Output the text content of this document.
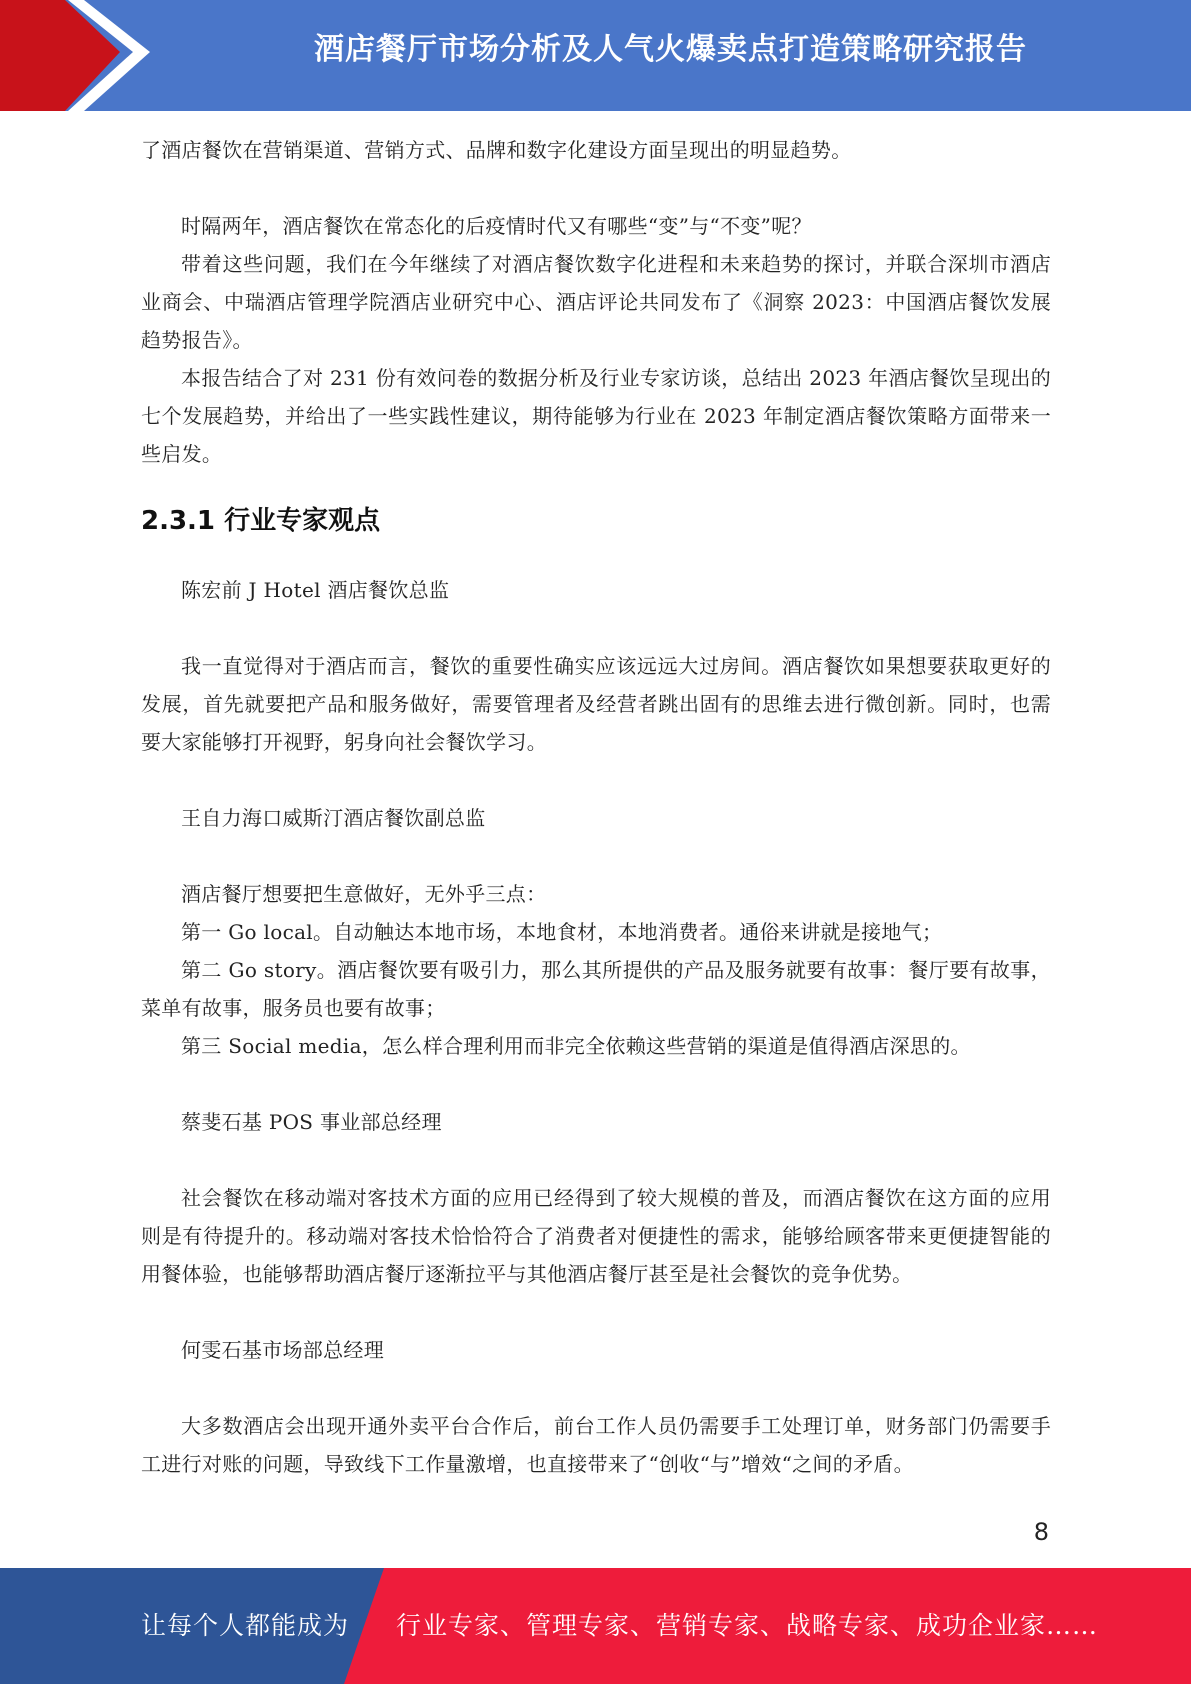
酒店餐厅市场分析及人气火爆卖点打造策略研究报告

了酒店餐饮在营销渠道、营销方式、品牌和数字化建设方面呈现出的明显趋势。

时隔两年，酒店餐饮在常态化的后疫情时代又有哪些“变”与“不变”呢？

带着这些问题，我们在今年继续了对酒店餐饮数字化进程和未来趋势的探讨，并联合深圳市酒店业商会、中瑞酒店管理学院酒店业研究中心、酒店评论共同发布了《洞察 2023：中国酒店餐饮发展趋势报告》。

本报告结合了对 231 份有效问卷的数据分析及行业专家访谈，总结出 2023 年酒店餐饮呈现出的七个发展趋势，并给出了一些实践性建议，期待能够为行业在 2023 年制定酒店餐饮策略方面带来一些启发。

2.3.1 行业专家观点

陈宏前 J Hotel 酒店餐饮总监

我一直觉得对于酒店而言，餐饮的重要性确实应该远远大过房间。酒店餐饮如果想要获取更好的发展，首先就要把产品和服务做好，需要管理者及经营者跳出固有的思维去进行微创新。同时，也需要大家能够打开视野，躬身向社会餐饮学习。

王自力海口威斯汀酒店餐饮副总监

酒店餐厅想要把生意做好，无外乎三点：

第一 Go local。自动触达本地市场，本地食材，本地消费者。通俗来讲就是接地气；

第二 Go story。酒店餐饮要有吸引力，那么其所提供的产品及服务就要有故事：餐厅要有故事，菜单有故事，服务员也要有故事；

第三 Social media，怎么样合理利用而非完全依赖这些营销的渠道是值得酒店深思的。

蔡斐石基 POS 事业部总经理

社会餐饮在移动端对客技术方面的应用已经得到了较大规模的普及，而酒店餐饮在这方面的应用则是有待提升的。移动端对客技术恰恰符合了消费者对便捷性的需求，能够给顾客带来更便捷智能的用餐体验，也能够帮助酒店餐厅逐渐拉平与其他酒店餐厅甚至是社会餐饮的竞争优势。

何雯石基市场部总经理

大多数酒店会出现开通外卖平台合作后，前台工作人员仍需要手工处理订单，财务部门仍需要手工进行对账的问题，导致线下工作量激增，也直接带来了“创收“与”增效“之间的矛盾。

8
让每个人都能成为 行业专家、管理专家、营销专家、战略专家、成功企业家……
